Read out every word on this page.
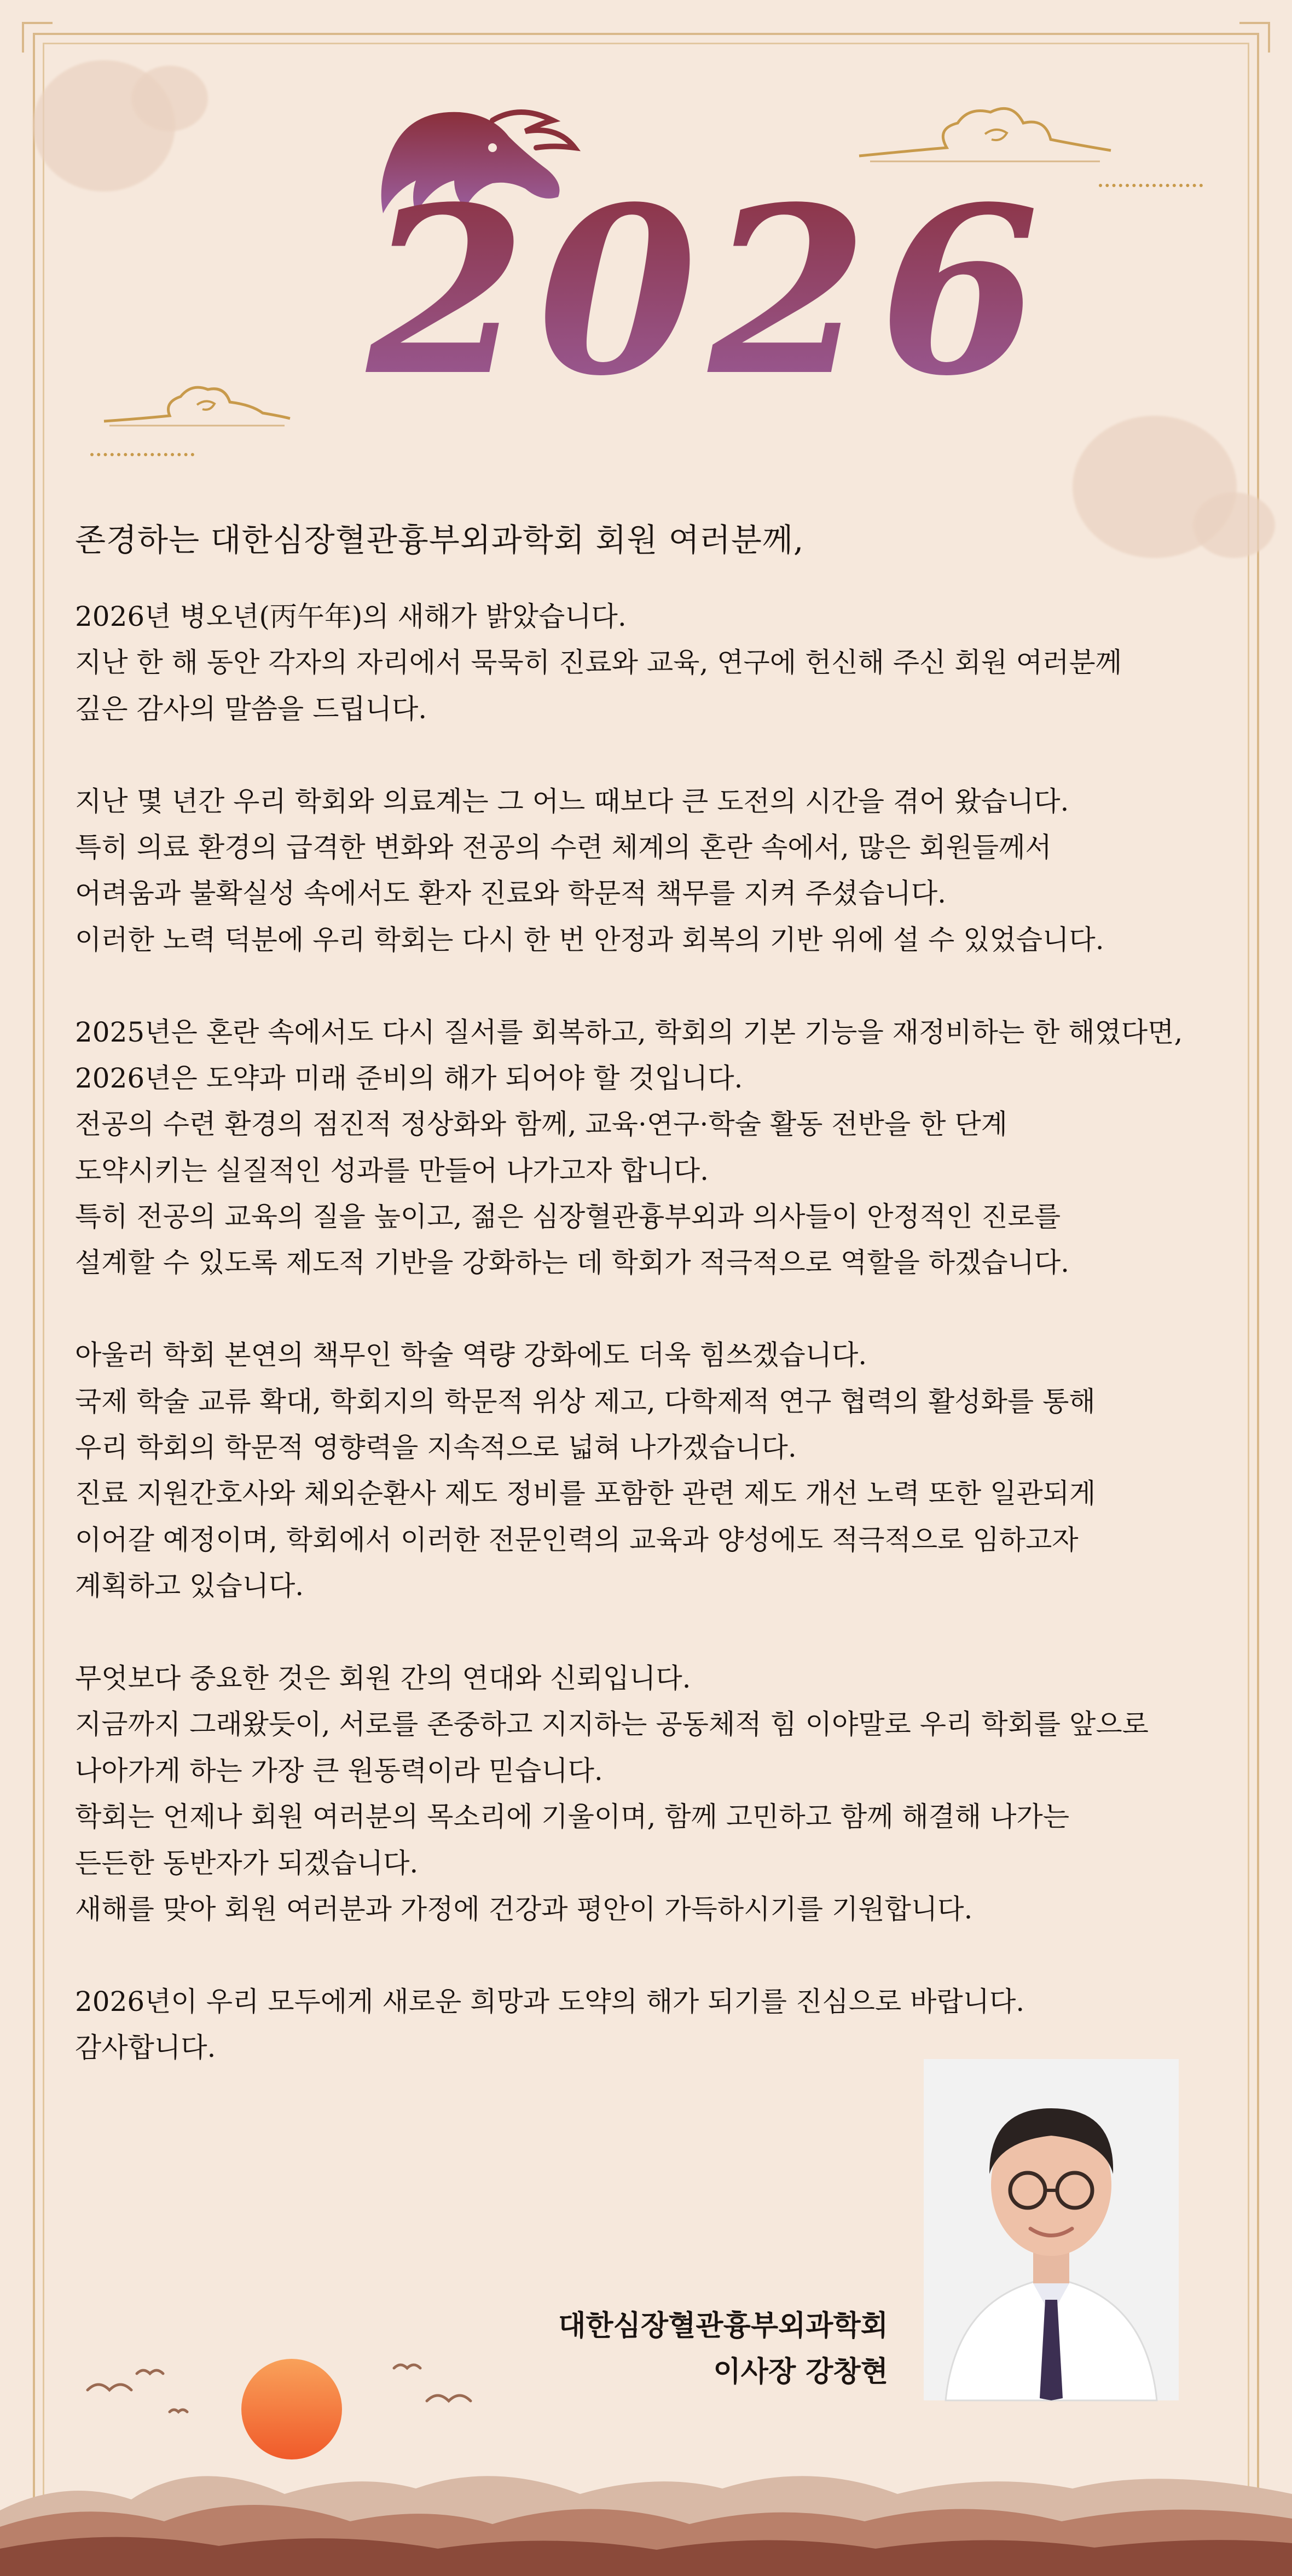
2026
존경하는 대한심장혈관흉부외과학회 회원 여러분께,
2026년 병오년(丙午年)의 새해가 밝았습니다.
지난 한 해 동안 각자의 자리에서 묵묵히 진료와 교육, 연구에 헌신해 주신 회원 여러분께
깊은 감사의 말씀을 드립니다.
지난 몇 년간 우리 학회와 의료계는 그 어느 때보다 큰 도전의 시간을 겪어 왔습니다.
특히 의료 환경의 급격한 변화와 전공의 수련 체계의 혼란 속에서, 많은 회원들께서
어려움과 불확실성 속에서도 환자 진료와 학문적 책무를 지켜 주셨습니다.
이러한 노력 덕분에 우리 학회는 다시 한 번 안정과 회복의 기반 위에 설 수 있었습니다.
2025년은 혼란 속에서도 다시 질서를 회복하고, 학회의 기본 기능을 재정비하는 한 해였다면,
2026년은 도약과 미래 준비의 해가 되어야 할 것입니다.
전공의 수련 환경의 점진적 정상화와 함께, 교육·연구·학술 활동 전반을 한 단계
도약시키는 실질적인 성과를 만들어 나가고자 합니다.
특히 전공의 교육의 질을 높이고, 젊은 심장혈관흉부외과 의사들이 안정적인 진로를
설계할 수 있도록 제도적 기반을 강화하는 데 학회가 적극적으로 역할을 하겠습니다.
아울러 학회 본연의 책무인 학술 역량 강화에도 더욱 힘쓰겠습니다.
국제 학술 교류 확대, 학회지의 학문적 위상 제고, 다학제적 연구 협력의 활성화를 통해
우리 학회의 학문적 영향력을 지속적으로 넓혀 나가겠습니다.
진료 지원간호사와 체외순환사 제도 정비를 포함한 관련 제도 개선 노력 또한 일관되게
이어갈 예정이며, 학회에서 이러한 전문인력의 교육과 양성에도 적극적으로 임하고자
계획하고 있습니다.
무엇보다 중요한 것은 회원 간의 연대와 신뢰입니다.
지금까지 그래왔듯이, 서로를 존중하고 지지하는 공동체적 힘 이야말로 우리 학회를 앞으로
나아가게 하는 가장 큰 원동력이라 믿습니다.
학회는 언제나 회원 여러분의 목소리에 기울이며, 함께 고민하고 함께 해결해 나가는
든든한 동반자가 되겠습니다.
새해를 맞아 회원 여러분과 가정에 건강과 평안이 가득하시기를 기원합니다.
2026년이 우리 모두에게 새로운 희망과 도약의 해가 되기를 진심으로 바랍니다.
감사합니다.
대한심장혈관흉부외과학회
이사장 강창현
